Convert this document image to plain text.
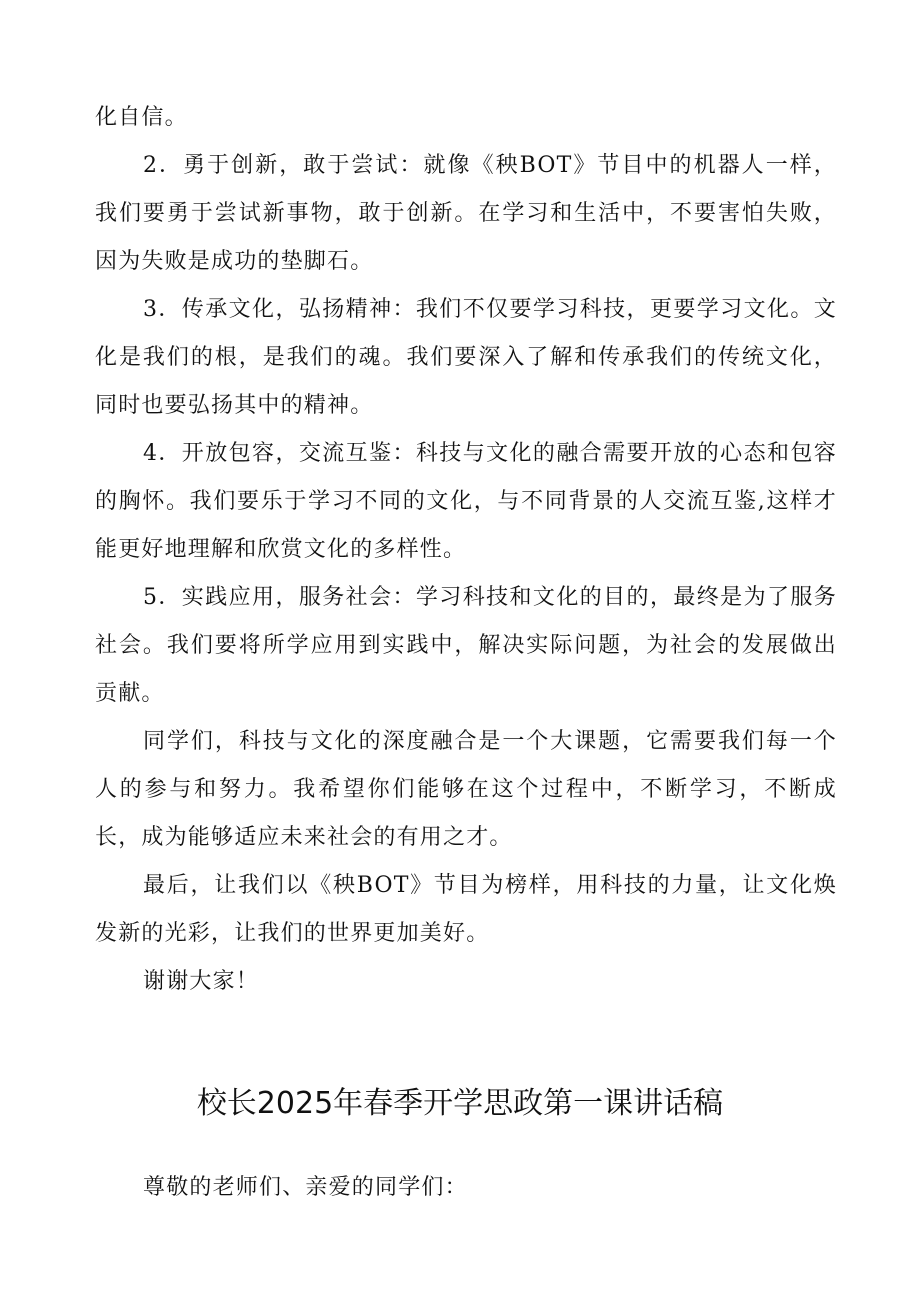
化自信。

2．勇于创新，敢于尝试：就像《秧BOT》节目中的机器人一样，我们要勇于尝试新事物，敢于创新。在学习和生活中，不要害怕失败，因为失败是成功的垫脚石。

3．传承文化，弘扬精神：我们不仅要学习科技，更要学习文化。文化是我们的根，是我们的魂。我们要深入了解和传承我们的传统文化，同时也要弘扬其中的精神。

4．开放包容，交流互鉴：科技与文化的融合需要开放的心态和包容的胸怀。我们要乐于学习不同的文化，与不同背景的人交流互鉴,这样才能更好地理解和欣赏文化的多样性。

5．实践应用，服务社会：学习科技和文化的目的，最终是为了服务社会。我们要将所学应用到实践中，解决实际问题，为社会的发展做出贡献。

同学们，科技与文化的深度融合是一个大课题，它需要我们每一个人的参与和努力。我希望你们能够在这个过程中，不断学习，不断成长，成为能够适应未来社会的有用之才。

最后，让我们以《秧BOT》节目为榜样，用科技的力量，让文化焕发新的光彩，让我们的世界更加美好。

谢谢大家！

校长2025年春季开学思政第一课讲话稿

尊敬的老师们、亲爱的同学们：
